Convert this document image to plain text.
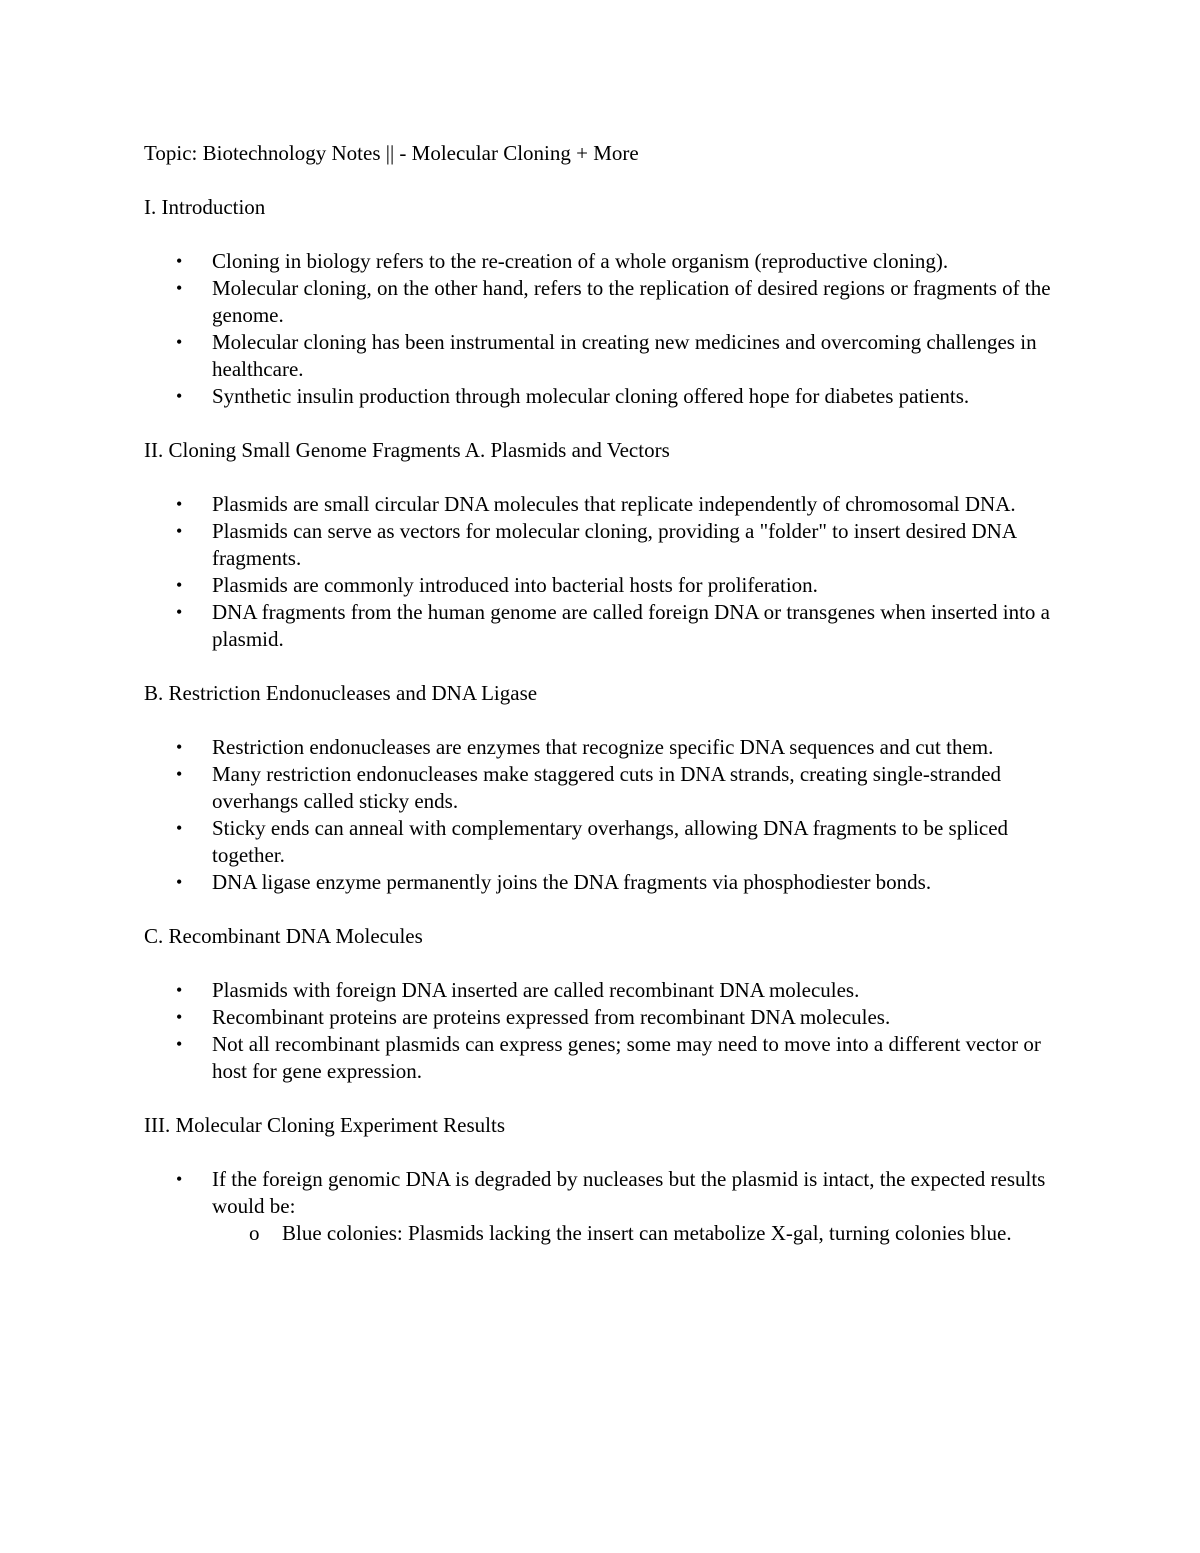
Topic: Biotechnology Notes || - Molecular Cloning + More

I. Introduction

• Cloning in biology refers to the re-creation of a whole organism (reproductive cloning).
• Molecular cloning, on the other hand, refers to the replication of desired regions or fragments of the genome.
• Molecular cloning has been instrumental in creating new medicines and overcoming challenges in healthcare.
• Synthetic insulin production through molecular cloning offered hope for diabetes patients.

II. Cloning Small Genome Fragments A. Plasmids and Vectors

• Plasmids are small circular DNA molecules that replicate independently of chromosomal DNA.
• Plasmids can serve as vectors for molecular cloning, providing a "folder" to insert desired DNA fragments.
• Plasmids are commonly introduced into bacterial hosts for proliferation.
• DNA fragments from the human genome are called foreign DNA or transgenes when inserted into a plasmid.

B. Restriction Endonucleases and DNA Ligase

• Restriction endonucleases are enzymes that recognize specific DNA sequences and cut them.
• Many restriction endonucleases make staggered cuts in DNA strands, creating single-stranded overhangs called sticky ends.
• Sticky ends can anneal with complementary overhangs, allowing DNA fragments to be spliced together.
• DNA ligase enzyme permanently joins the DNA fragments via phosphodiester bonds.

C. Recombinant DNA Molecules

• Plasmids with foreign DNA inserted are called recombinant DNA molecules.
• Recombinant proteins are proteins expressed from recombinant DNA molecules.
• Not all recombinant plasmids can express genes; some may need to move into a different vector or host for gene expression.

III. Molecular Cloning Experiment Results

• If the foreign genomic DNA is degraded by nucleases but the plasmid is intact, the expected results would be:
o Blue colonies: Plasmids lacking the insert can metabolize X-gal, turning colonies blue.
